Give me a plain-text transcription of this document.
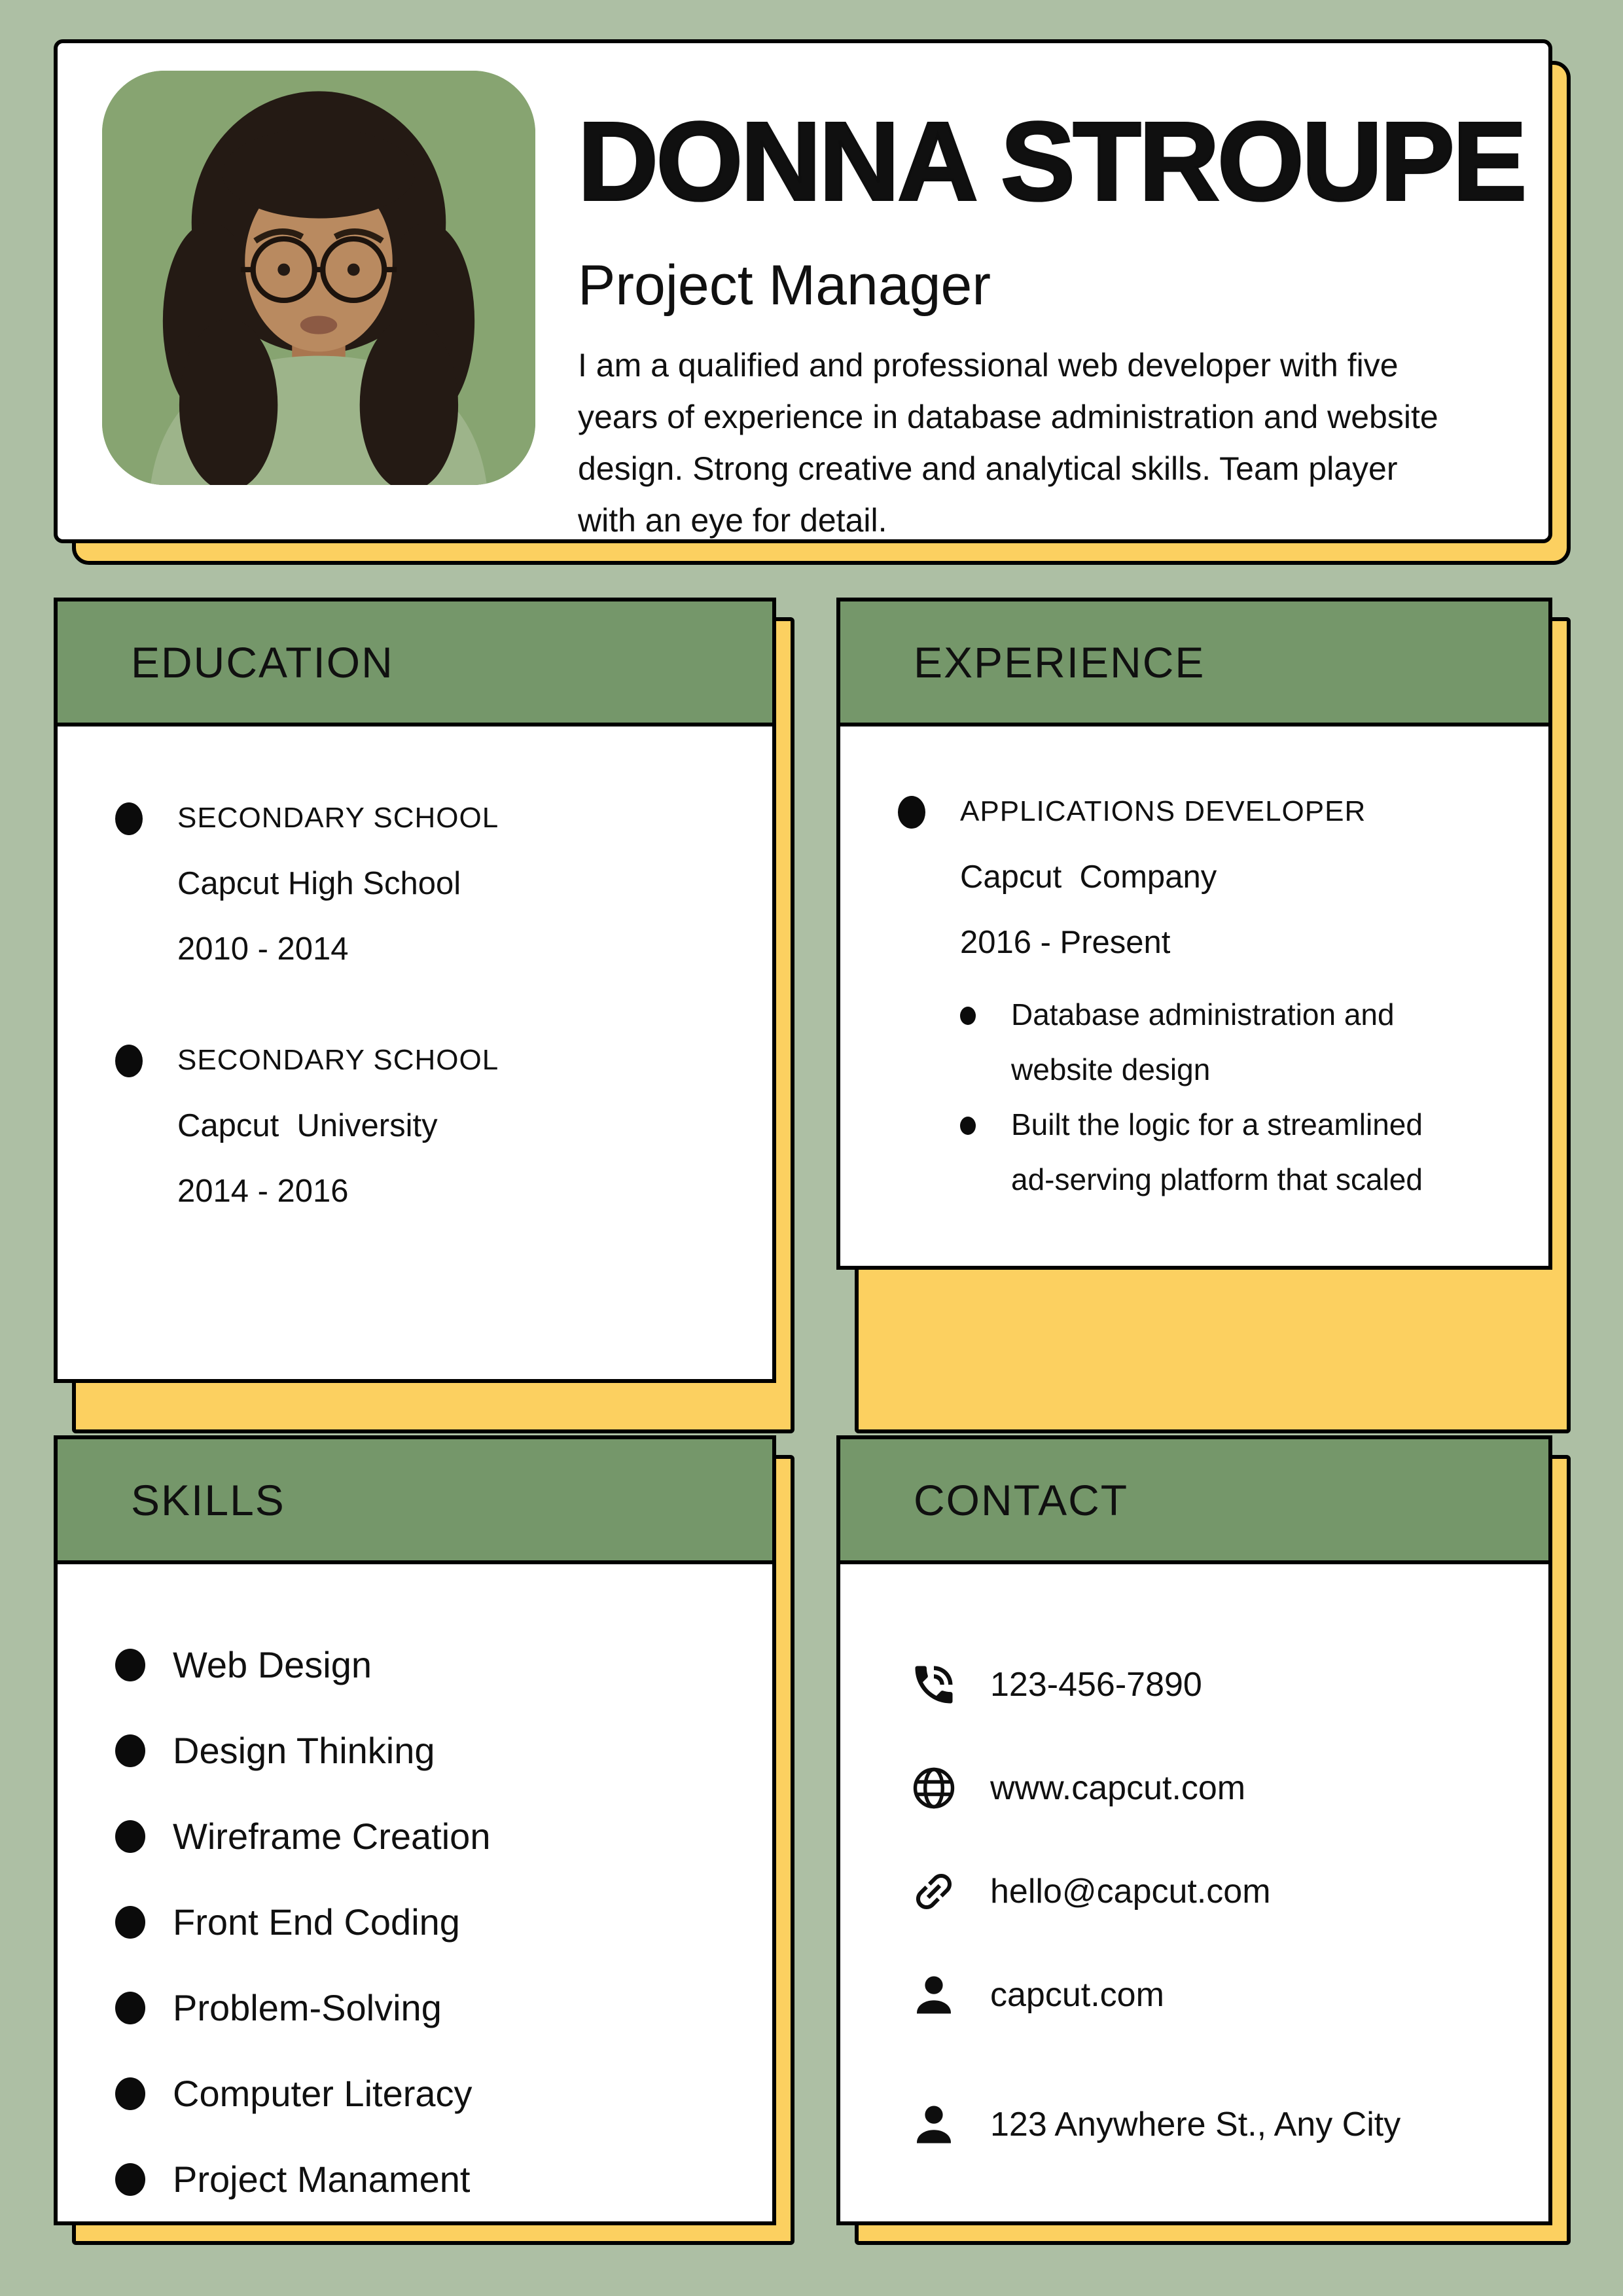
DONNA STROUPE
Project Manager
I am a qualified and professional web developer with five years of experience in database administration and website design. Strong creative and analytical skills. Team player with an eye for detail.
EDUCATION
SECONDARY SCHOOL
Capcut High School
2010 - 2014
SECONDARY SCHOOL
Capcut  University
2014 - 2016
EXPERIENCE
APPLICATIONS DEVELOPER
Capcut  Company
2016 - Present
Database administration and website design
Built the logic for a streamlined ad-serving platform that scaled
SKILLS
Web Design
Design Thinking
Wireframe Creation
Front End Coding
Problem-Solving
Computer Literacy
Project Manament
CONTACT
123-456-7890
www.capcut.com
hello@capcut.com
capcut.com
123 Anywhere St., Any City
